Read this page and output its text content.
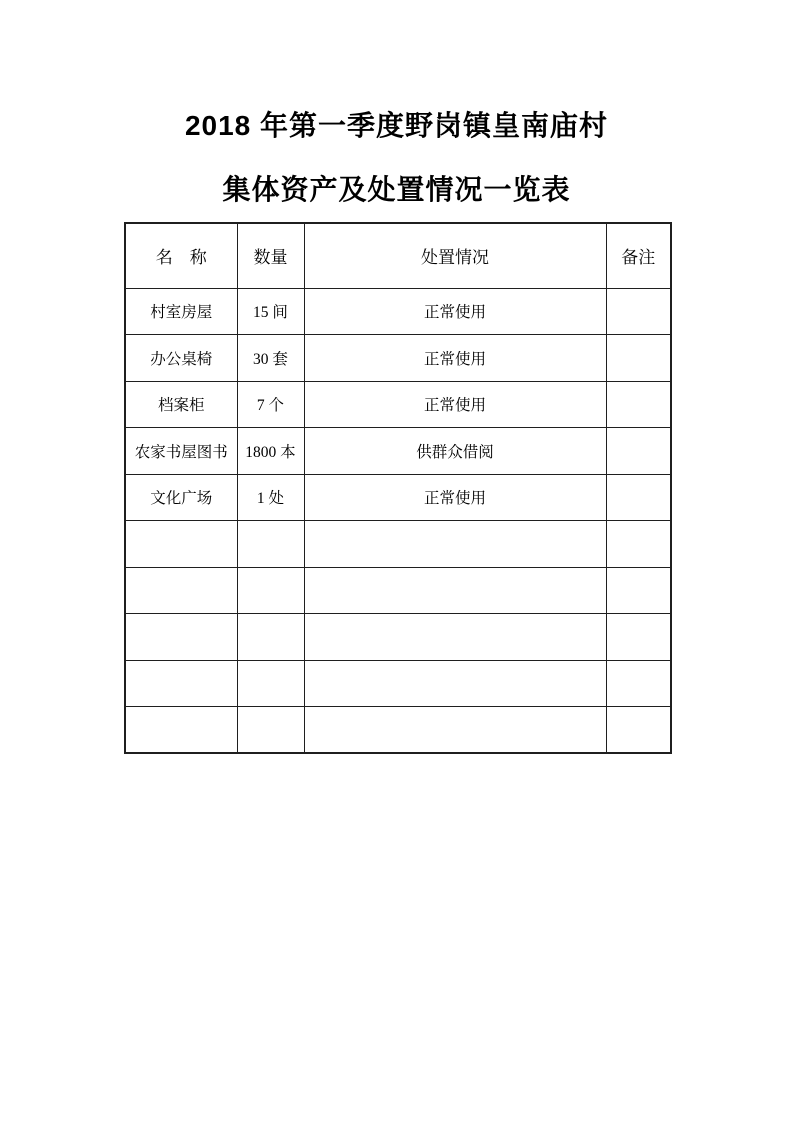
2018 年第一季度野岗镇皇南庙村
集体资产及处置情况一览表
名　称	数量	处置情况	备注
村室房屋	15 间	正常使用	
办公桌椅	30 套	正常使用	
档案柜	7 个	正常使用	
农家书屋图书	1800 本	供群众借阅	
文化广场	1 处	正常使用	
